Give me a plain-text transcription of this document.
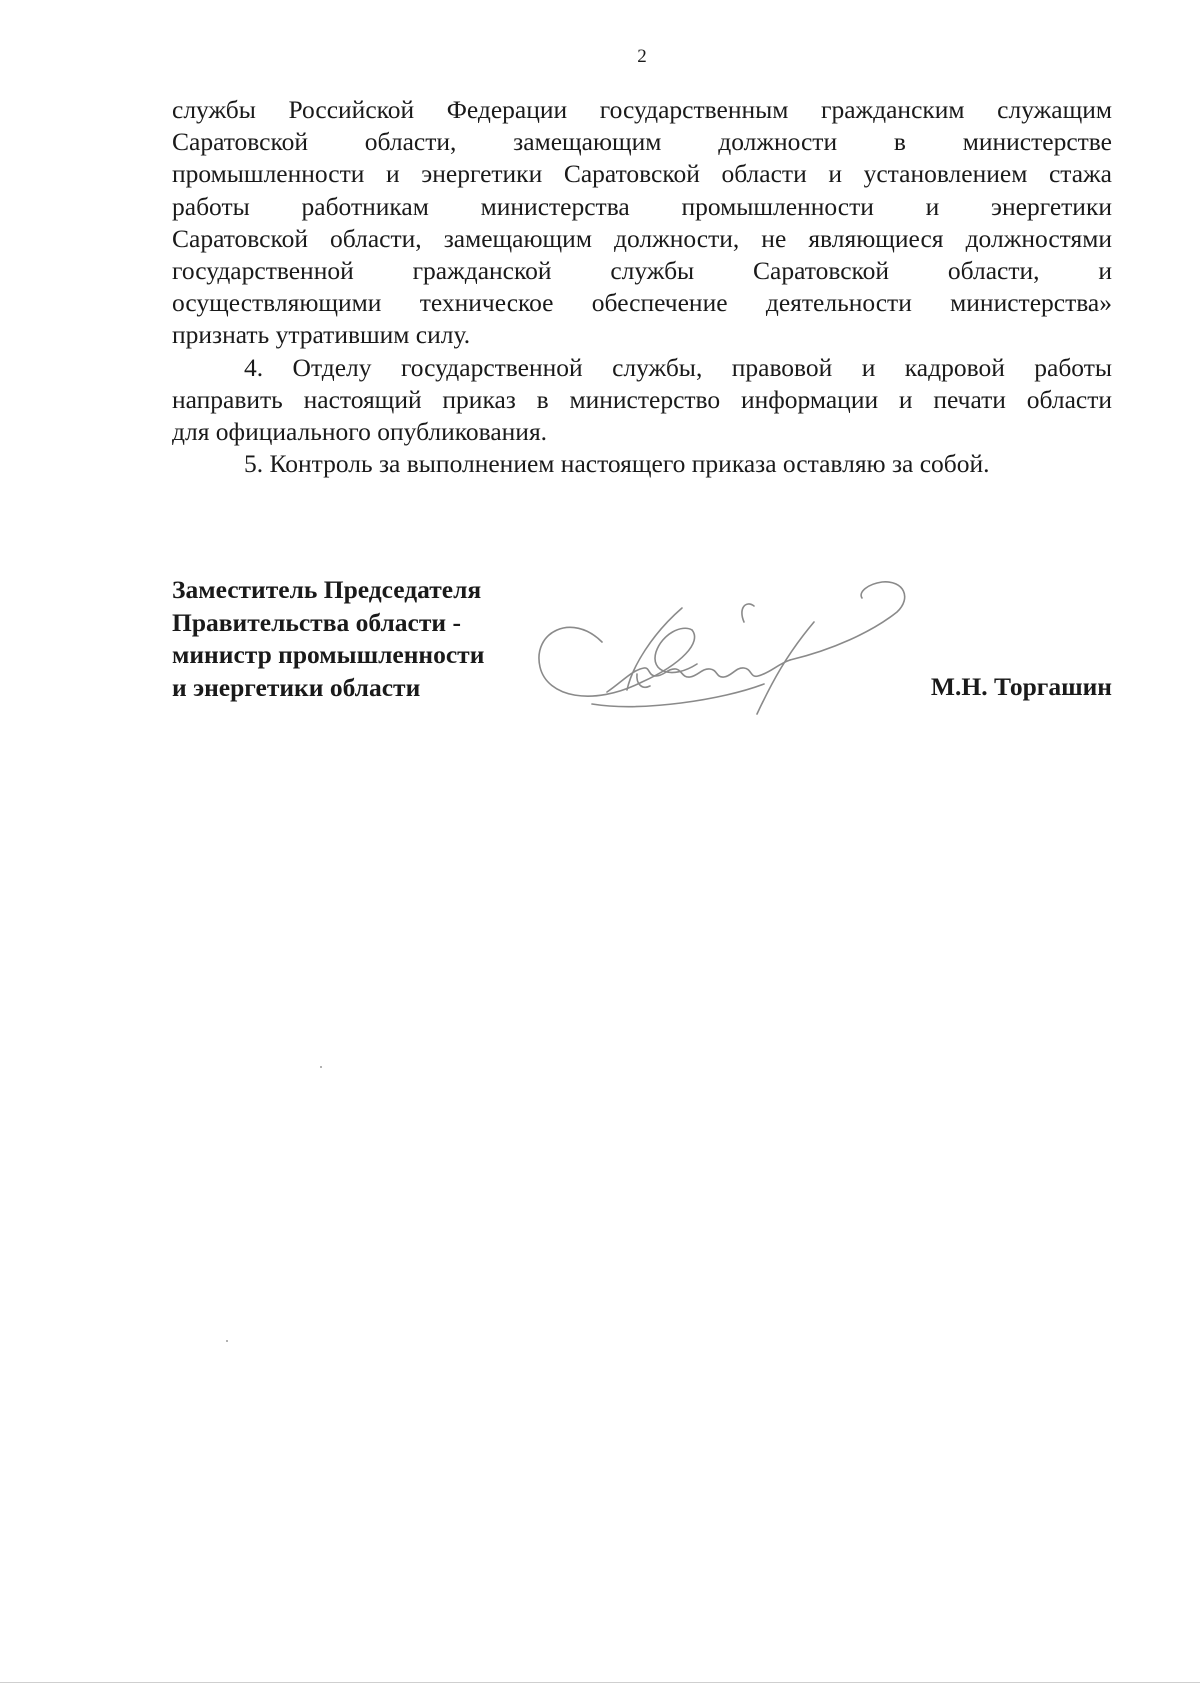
2

службы Российской Федерации государственным гражданским служащим
Саратовской области, замещающим должности в министерстве
промышленности и энергетики Саратовской области и установлением стажа
работы работникам министерства промышленности и энергетики
Саратовской области, замещающим должности, не являющиеся должностями
государственной гражданской службы Саратовской области, и
осуществляющими техническое обеспечение деятельности министерства»
признать утратившим силу.

4. Отделу государственной службы, правовой и кадровой работы
направить настоящий приказ в министерство информации и печати области
для официального опубликования.

5. Контроль за выполнением настоящего приказа оставляю за собой.

Заместитель Председателя
Правительства области -
министр промышленности
и энергетики области	М.Н. Торгашин
